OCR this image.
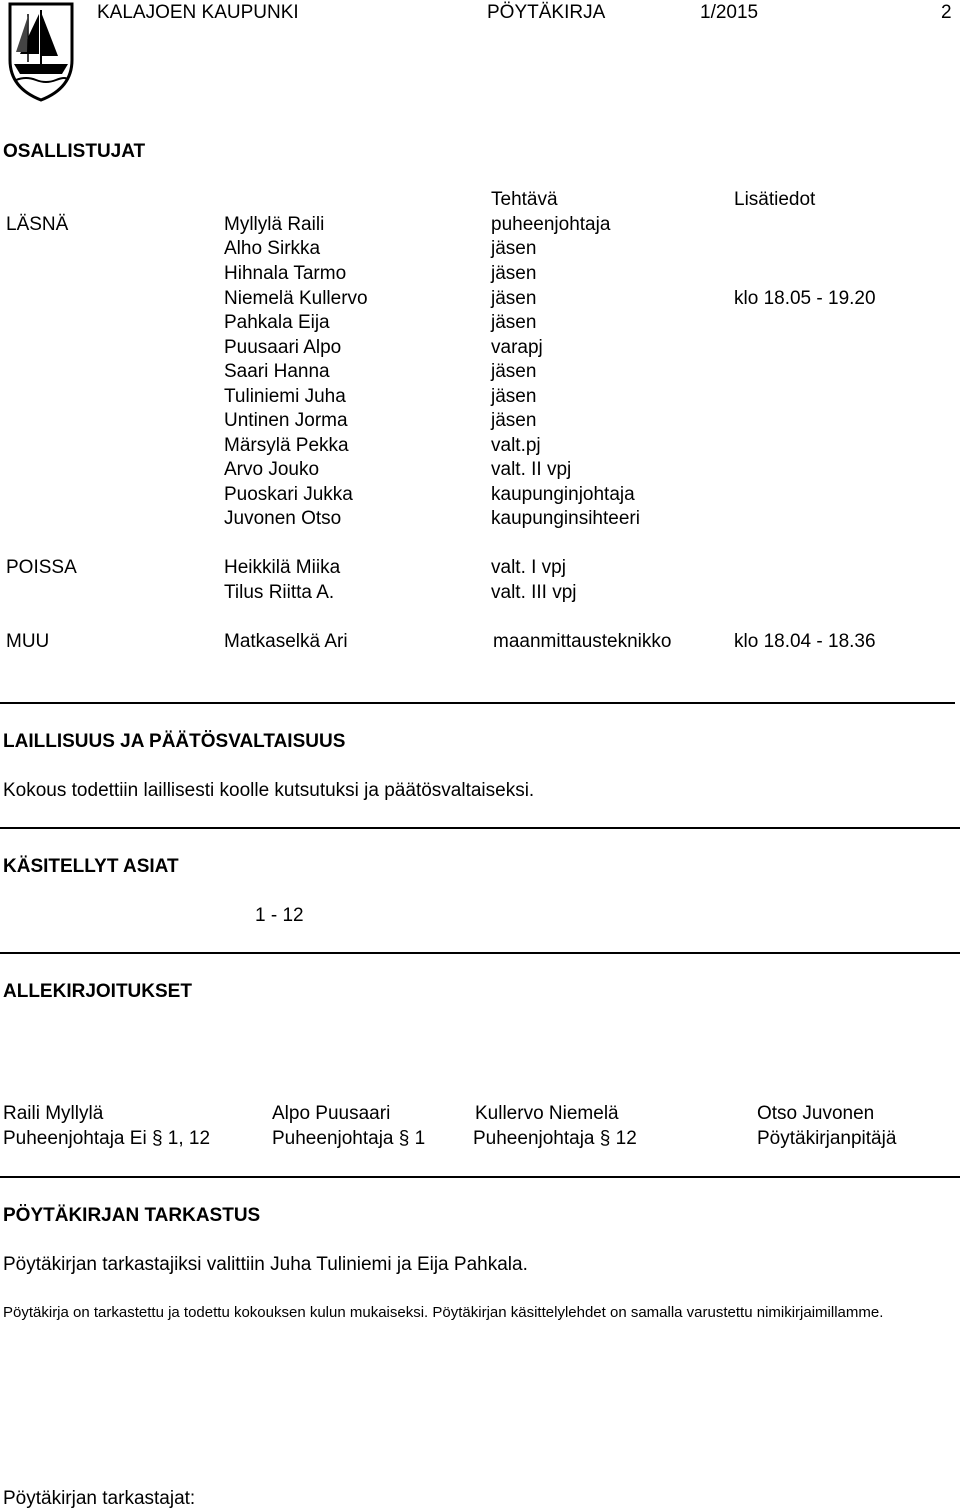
KALAJOEN KAUPUNKI	PÖYTÄKIRJA	1/2015	2
OSALLISTUJAT
Tehtävä	Lisätiedot
LÄSNÄ	Myllylä Raili	puheenjohtaja
Alho Sirkka	jäsen
Hihnala Tarmo	jäsen
Niemelä Kullervo	jäsen	klo 18.05 - 19.20
Pahkala Eija	jäsen
Puusaari Alpo	varapj
Saari Hanna	jäsen
Tuliniemi Juha	jäsen
Untinen Jorma	jäsen
Märsylä Pekka	valt.pj
Arvo Jouko	valt. II vpj
Puoskari Jukka	kaupunginjohtaja
Juvonen Otso	kaupunginsihteeri
POISSA	Heikkilä Miika	valt. I vpj
Tilus Riitta A.	valt. III vpj
MUU	Matkaselkä Ari	maanmittausteknikko	klo 18.04 - 18.36
LAILLISUUS JA PÄÄTÖSVALTAISUUS
Kokous todettiin laillisesti koolle kutsutuksi ja päätösvaltaiseksi.
KÄSITELLYT ASIAT
1 - 12
ALLEKIRJOITUKSET
Raili Myllylä
Puheenjohtaja Ei § 1, 12
Alpo Puusaari
Puheenjohtaja § 1
Kullervo Niemelä
Puheenjohtaja § 12
Otso Juvonen
Pöytäkirjanpitäjä
PÖYTÄKIRJAN TARKASTUS
Pöytäkirjan tarkastajiksi valittiin Juha Tuliniemi ja Eija Pahkala.
Pöytäkirja on tarkastettu ja todettu kokouksen kulun mukaiseksi. Pöytäkirjan käsittelylehdet on samalla varustettu nimikirjaimillamme.
Pöytäkirjan tarkastajat:
